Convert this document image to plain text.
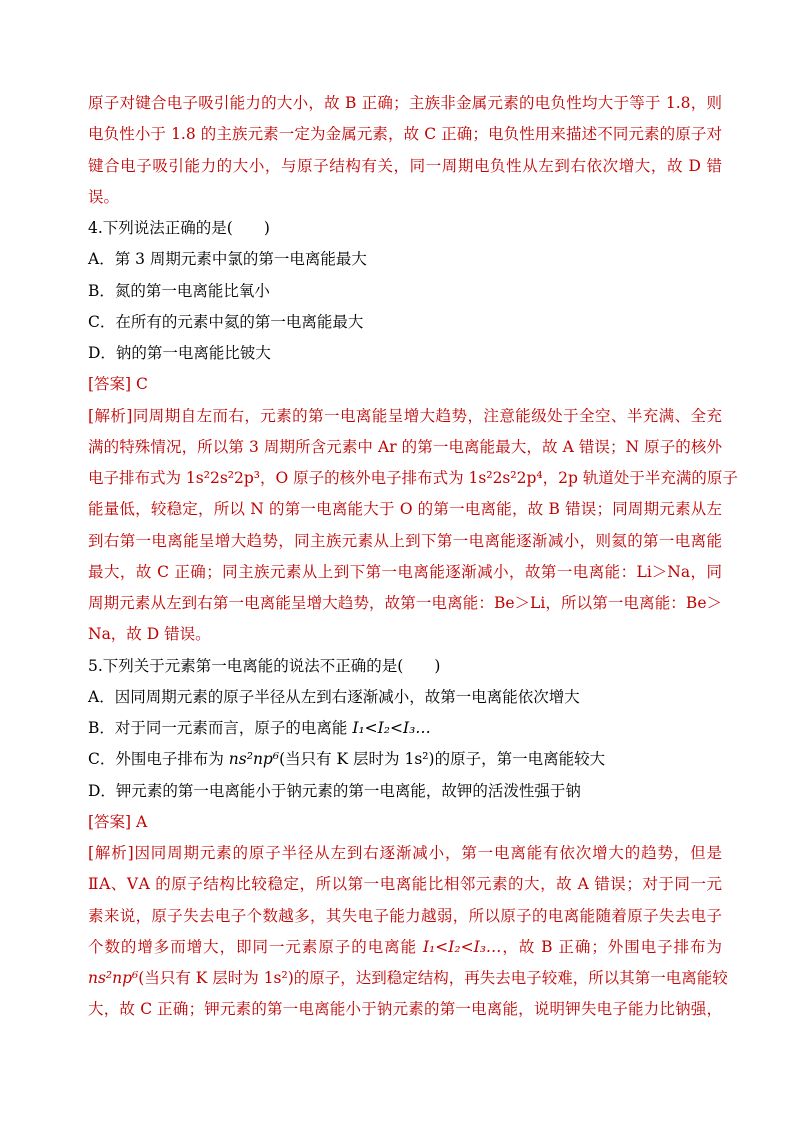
原子对键合电子吸引能力的大小，故 B 正确；主族非金属元素的电负性均大于等于 1.8，则
电负性小于 1.8 的主族元素一定为金属元素，故 C 正确；电负性用来描述不同元素的原子对
键合电子吸引能力的大小，与原子结构有关，同一周期电负性从左到右依次增大，故 D 错
误。
4.下列说法正确的是(　　)
A．第 3 周期元素中氯的第一电离能最大
B．氮的第一电离能比氧小
C．在所有的元素中氦的第一电离能最大
D．钠的第一电离能比铍大
[答案] C
[解析]同周期自左而右，元素的第一电离能呈增大趋势，注意能级处于全空、半充满、全充
满的特殊情况，所以第 3 周期所含元素中 Ar 的第一电离能最大，故 A 错误；N 原子的核外
电子排布式为 1s²2s²2p³，O 原子的核外电子排布式为 1s²2s²2p⁴，2p 轨道处于半充满的原子
能量低，较稳定，所以 N 的第一电离能大于 O 的第一电离能，故 B 错误；同周期元素从左
到右第一电离能呈增大趋势，同主族元素从上到下第一电离能逐渐减小，则氦的第一电离能
最大，故 C 正确；同主族元素从上到下第一电离能逐渐减小，故第一电离能：Li＞Na，同
周期元素从左到右第一电离能呈增大趋势，故第一电离能：Be＞Li，所以第一电离能：Be＞
Na，故 D 错误。
5.下列关于元素第一电离能的说法不正确的是(　　)
A．因同周期元素的原子半径从左到右逐渐减小，故第一电离能依次增大
B．对于同一元素而言，原子的电离能 I₁<I₂<I₃…
C．外围电子排布为 ns²np⁶(当只有 K 层时为 1s²)的原子，第一电离能较大
D．钾元素的第一电离能小于钠元素的第一电离能，故钾的活泼性强于钠
[答案] A
[解析]因同周期元素的原子半径从左到右逐渐减小，第一电离能有依次增大的趋势，但是
ⅡA、ⅤA 的原子结构比较稳定，所以第一电离能比相邻元素的大，故 A 错误；对于同一元
素来说，原子失去电子个数越多，其失电子能力越弱，所以原子的电离能随着原子失去电子
个数的增多而增大，即同一元素原子的电离能 I₁<I₂<I₃…，故 B 正确；外围电子排布为
ns²np⁶(当只有 K 层时为 1s²)的原子，达到稳定结构，再失去电子较难，所以其第一电离能较
大，故 C 正确；钾元素的第一电离能小于钠元素的第一电离能，说明钾失电子能力比钠强，
